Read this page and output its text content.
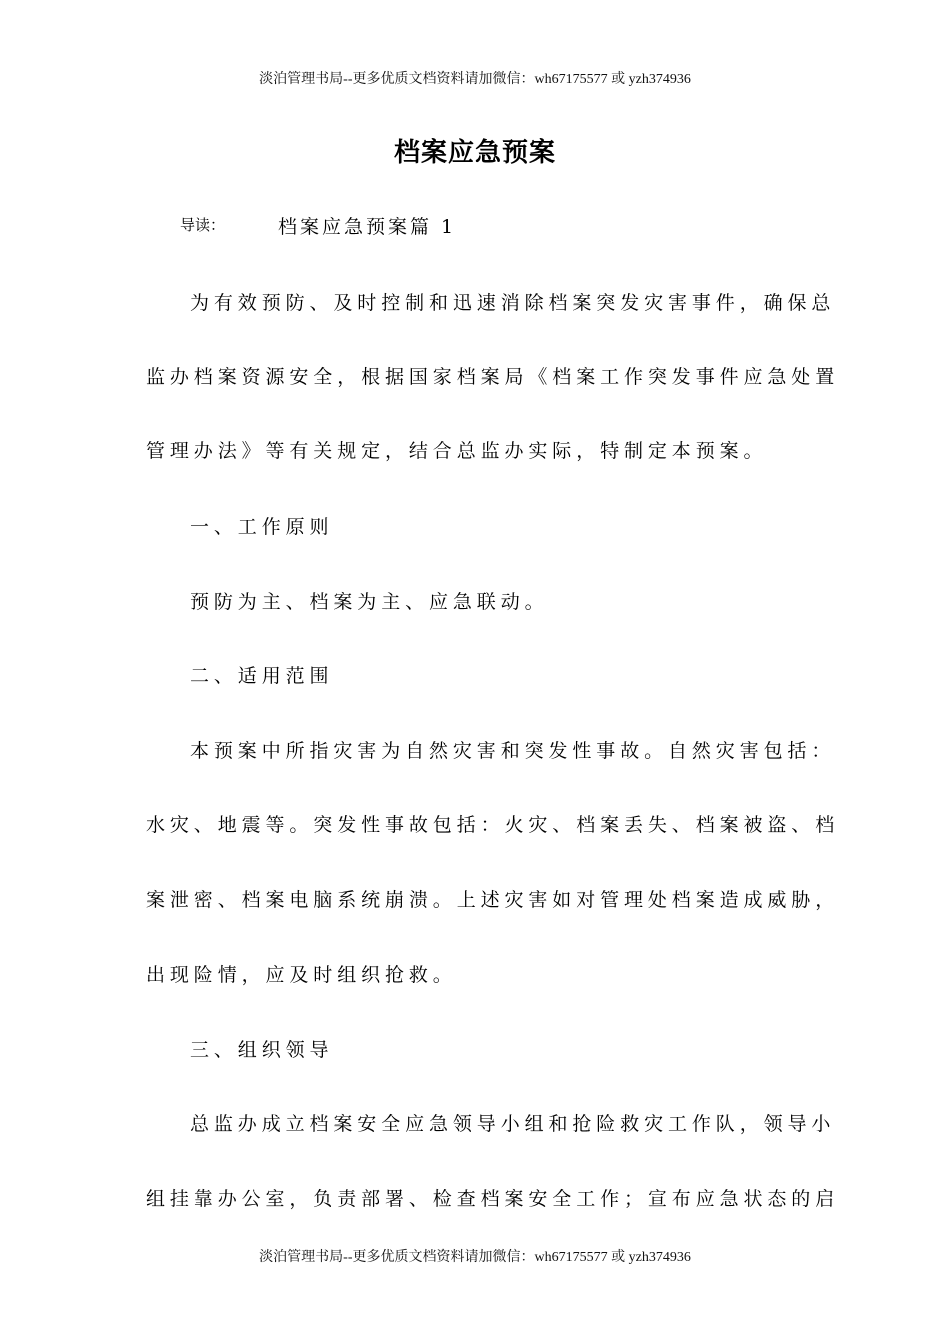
淡泊管理书局--更多优质文档资料请加微信：wh67175577 或 yzh374936
档案应急预案
导读：	档案应急预案篇 1
为有效预防、及时控制和迅速消除档案突发灾害事件，确保总
监办档案资源安全，根据国家档案局《档案工作突发事件应急处置
管理办法》等有关规定，结合总监办实际，特制定本预案。
一、工作原则
预防为主、档案为主、应急联动。
二、适用范围
本预案中所指灾害为自然灾害和突发性事故。自然灾害包括：
水灾、地震等。突发性事故包括：火灾、档案丢失、档案被盗、档
案泄密、档案电脑系统崩溃。上述灾害如对管理处档案造成威胁，
出现险情，应及时组织抢救。
三、组织领导
总监办成立档案安全应急领导小组和抢险救灾工作队，领导小
组挂靠办公室，负责部署、检查档案安全工作；宣布应急状态的启
淡泊管理书局--更多优质文档资料请加微信：wh67175577 或 yzh374936
